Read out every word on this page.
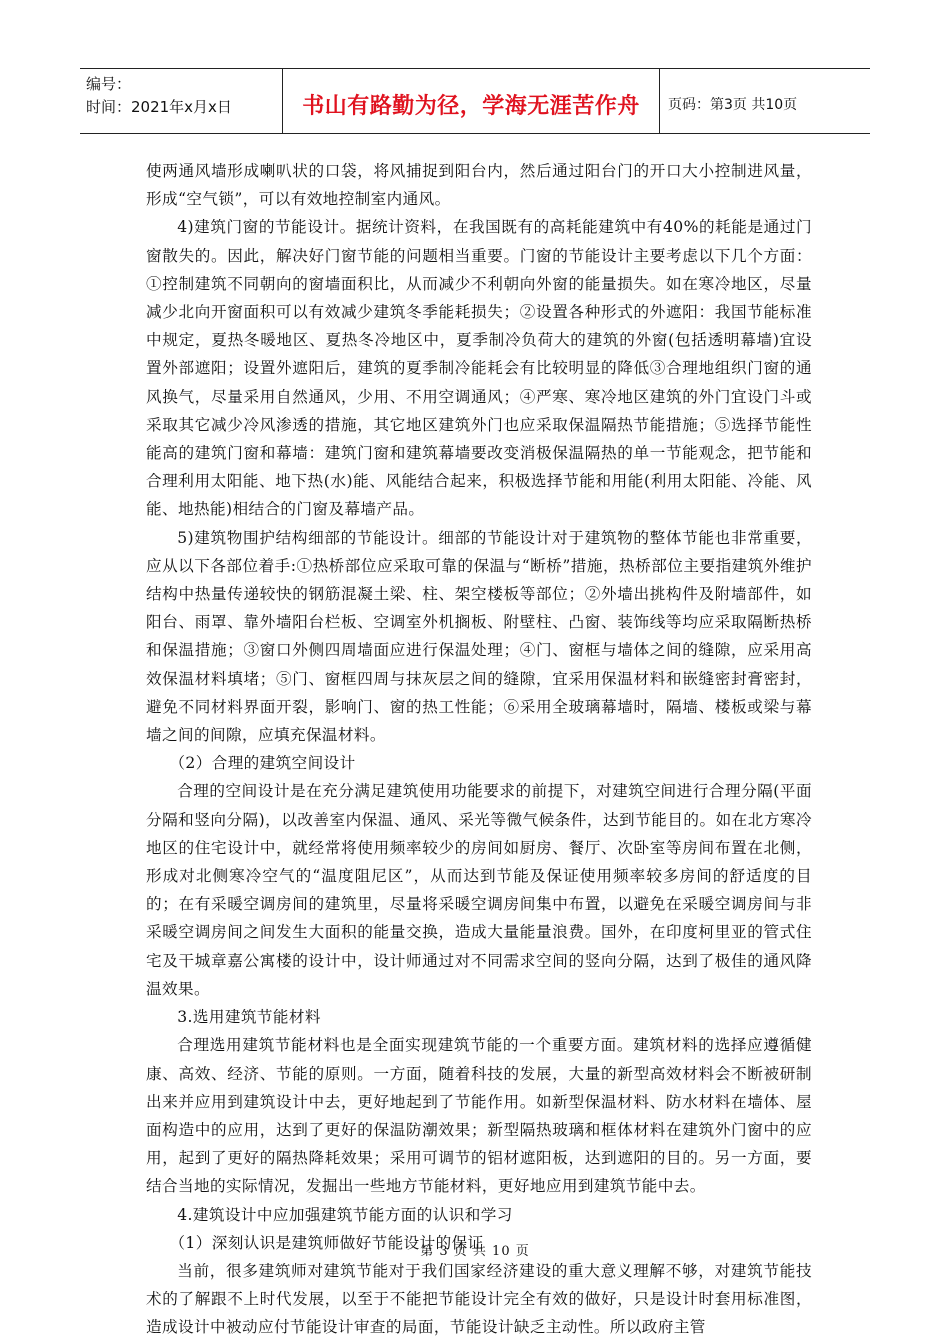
编号：
时间：2021年x月x日	书山有路勤为径，学海无涯苦作舟	页码：第3页 共10页

使两通风墙形成喇叭状的口袋，将风捕捉到阳台内，然后通过阳台门的开口大小控制进风量，形成“空气锁”，可以有效地控制室内通风。

4)建筑门窗的节能设计。据统计资料，在我国既有的高耗能建筑中有40%的耗能是通过门窗散失的。因此，解决好门窗节能的问题相当重要。门窗的节能设计主要考虑以下几个方面：①控制建筑不同朝向的窗墙面积比，从而减少不利朝向外窗的能量损失。如在寒冷地区，尽量减少北向开窗面积可以有效减少建筑冬季能耗损失；②设置各种形式的外遮阳：我国节能标准中规定，夏热冬暖地区、夏热冬冷地区中，夏季制冷负荷大的建筑的外窗(包括透明幕墙)宜设置外部遮阳；设置外遮阳后，建筑的夏季制冷能耗会有比较明显的降低③合理地组织门窗的通风换气，尽量采用自然通风，少用、不用空调通风；④严寒、寒冷地区建筑的外门宜设门斗或采取其它减少冷风渗透的措施，其它地区建筑外门也应采取保温隔热节能措施；⑤选择节能性能高的建筑门窗和幕墙：建筑门窗和建筑幕墙要改变消极保温隔热的单一节能观念，把节能和合理利用太阳能、地下热(水)能、风能结合起来，积极选择节能和用能(利用太阳能、冷能、风能、地热能)相结合的门窗及幕墙产品。

5)建筑物围护结构细部的节能设计。细部的节能设计对于建筑物的整体节能也非常重要，应从以下各部位着手:①热桥部位应采取可靠的保温与“断桥”措施，热桥部位主要指建筑外维护结构中热量传递较快的钢筋混凝土梁、柱、架空楼板等部位；②外墙出挑构件及附墙部件，如阳台、雨罩、靠外墙阳台栏板、空调室外机搁板、附壁柱、凸窗、装饰线等均应采取隔断热桥和保温措施；③窗口外侧四周墙面应进行保温处理；④门、窗框与墙体之间的缝隙，应采用高效保温材料填堵；⑤门、窗框四周与抹灰层之间的缝隙，宜采用保温材料和嵌缝密封膏密封，避免不同材料界面开裂，影响门、窗的热工性能；⑥采用全玻璃幕墙时，隔墙、楼板或梁与幕墙之间的间隙，应填充保温材料。

（2）合理的建筑空间设计

合理的空间设计是在充分满足建筑使用功能要求的前提下，对建筑空间进行合理分隔(平面分隔和竖向分隔)，以改善室内保温、通风、采光等微气候条件，达到节能目的。如在北方寒冷地区的住宅设计中，就经常将使用频率较少的房间如厨房、餐厅、次卧室等房间布置在北侧，形成对北侧寒冷空气的“温度阻尼区”，从而达到节能及保证使用频率较多房间的舒适度的目的；在有采暖空调房间的建筑里，尽量将采暖空调房间集中布置，以避免在采暖空调房间与非采暖空调房间之间发生大面积的能量交换，造成大量能量浪费。国外，在印度柯里亚的管式住宅及干城章嘉公寓楼的设计中，设计师通过对不同需求空间的竖向分隔，达到了极佳的通风降温效果。

3.选用建筑节能材料

合理选用建筑节能材料也是全面实现建筑节能的一个重要方面。建筑材料的选择应遵循健康、高效、经济、节能的原则。一方面，随着科技的发展，大量的新型高效材料会不断被研制出来并应用到建筑设计中去，更好地起到了节能作用。如新型保温材料、防水材料在墙体、屋面构造中的应用，达到了更好的保温防潮效果；新型隔热玻璃和框体材料在建筑外门窗中的应用，起到了更好的隔热降耗效果；采用可调节的铝材遮阳板，达到遮阳的目的。另一方面，要结合当地的实际情况，发掘出一些地方节能材料，更好地应用到建筑节能中去。

4.建筑设计中应加强建筑节能方面的认识和学习

（1）深刻认识是建筑师做好节能设计的保证

当前，很多建筑师对建筑节能对于我们国家经济建设的重大意义理解不够，对建筑节能技术的了解跟不上时代发展，以至于不能把节能设计完全有效的做好，只是设计时套用标准图，造成设计中被动应付节能设计审查的局面，节能设计缺乏主动性。所以政府主管

第 3 页 共 10 页
